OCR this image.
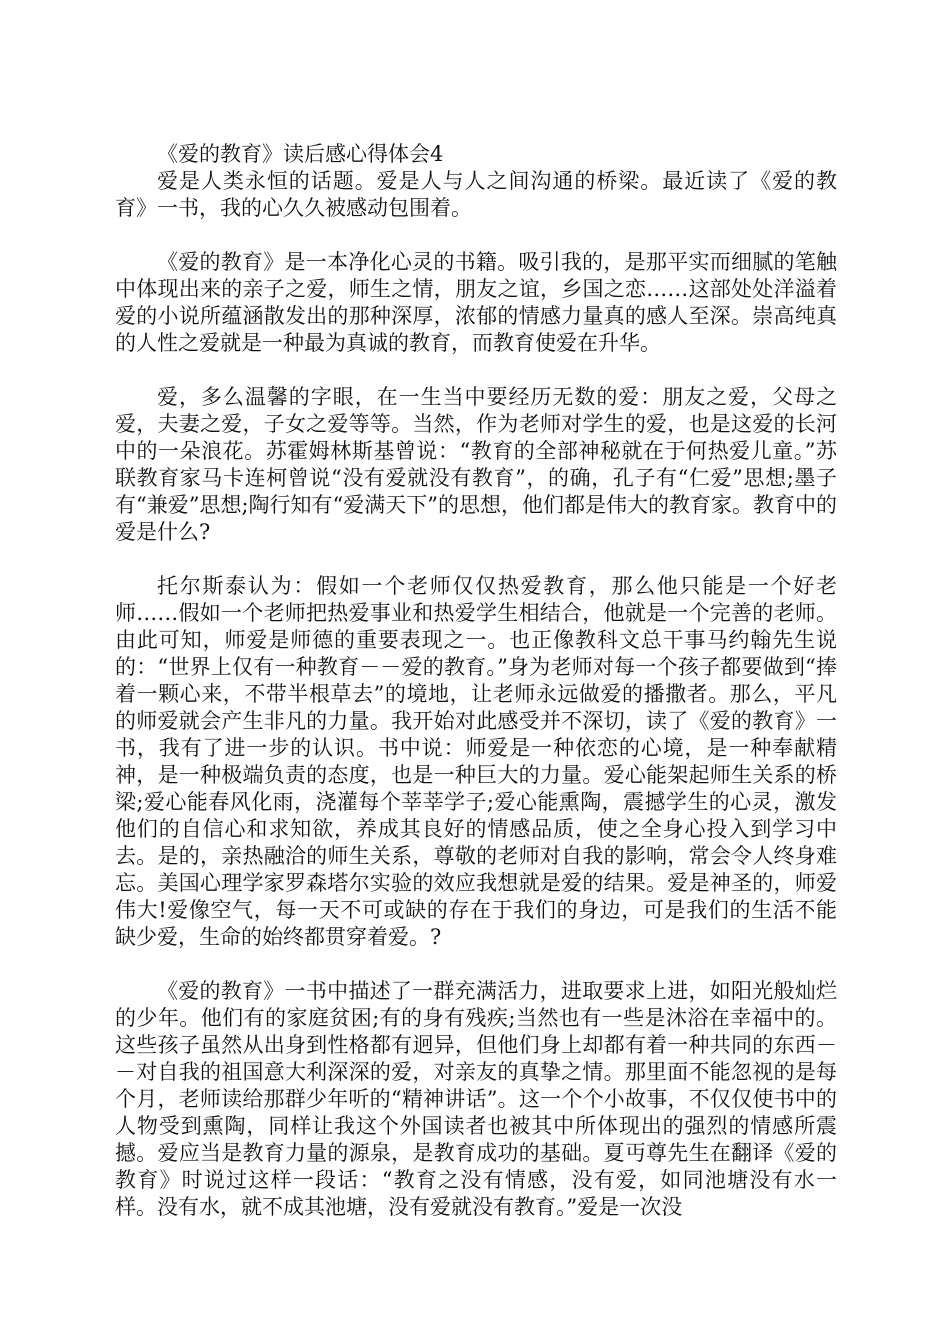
《爱的教育》读后感心得体会4

爱是人类永恒的话题。爱是人与人之间沟通的桥梁。最近读了《爱的教育》一书，我的心久久被感动包围着。

《爱的教育》是一本净化心灵的书籍。吸引我的，是那平实而细腻的笔触中体现出来的亲子之爱，师生之情，朋友之谊，乡国之恋……这部处处洋溢着爱的小说所蕴涵散发出的那种深厚，浓郁的情感力量真的感人至深。崇高纯真的人性之爱就是一种最为真诚的教育，而教育使爱在升华。

爱，多么温馨的字眼，在一生当中要经历无数的爱：朋友之爱，父母之爱，夫妻之爱，子女之爱等等。当然，作为老师对学生的爱，也是这爱的长河中的一朵浪花。苏霍姆林斯基曾说：“教育的全部神秘就在于何热爱儿童。”苏联教育家马卡连柯曾说“没有爱就没有教育”，的确，孔子有“仁爱”思想;墨子有“兼爱”思想;陶行知有“爱满天下”的思想，他们都是伟大的教育家。教育中的爱是什么?

托尔斯泰认为：假如一个老师仅仅热爱教育，那么他只能是一个好老师……假如一个老师把热爱事业和热爱学生相结合，他就是一个完善的老师。由此可知，师爱是师德的重要表现之一。也正像教科文总干事马约翰先生说的：“世界上仅有一种教育－－爱的教育。”身为老师对每一个孩子都要做到“捧着一颗心来，不带半根草去”的境地，让老师永远做爱的播撒者。那么，平凡的师爱就会产生非凡的力量。我开始对此感受并不深切，读了《爱的教育》一书，我有了进一步的认识。书中说：师爱是一种依恋的心境，是一种奉献精神，是一种极端负责的态度，也是一种巨大的力量。爱心能架起师生关系的桥梁;爱心能春风化雨，浇灌每个莘莘学子;爱心能熏陶，震撼学生的心灵，激发他们的自信心和求知欲，养成其良好的情感品质，使之全身心投入到学习中去。是的，亲热融洽的师生关系，尊敬的老师对自我的影响，常会令人终身难忘。美国心理学家罗森塔尔实验的效应我想就是爱的结果。爱是神圣的，师爱伟大!爱像空气，每一天不可或缺的存在于我们的身边，可是我们的生活不能缺少爱，生命的始终都贯穿着爱。?

《爱的教育》一书中描述了一群充满活力，进取要求上进，如阳光般灿烂的少年。他们有的家庭贫困;有的身有残疾;当然也有一些是沐浴在幸福中的。这些孩子虽然从出身到性格都有迥异，但他们身上却都有着一种共同的东西－－对自我的祖国意大利深深的爱，对亲友的真挚之情。那里面不能忽视的是每个月，老师读给那群少年听的“精神讲话”。这一个个小故事，不仅仅使书中的人物受到熏陶，同样让我这个外国读者也被其中所体现出的强烈的情感所震撼。爱应当是教育力量的源泉，是教育成功的基础。夏丏尊先生在翻译《爱的教育》时说过这样一段话：“教育之没有情感，没有爱，如同池塘没有水一样。没有水，就不成其池塘，没有爱就没有教育。”爱是一次没
